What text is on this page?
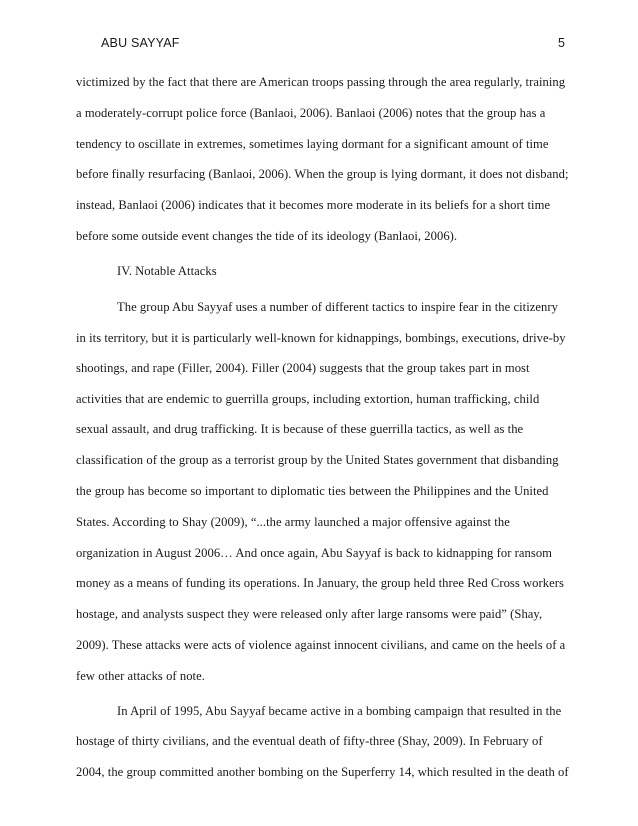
ABU SAYYAF	5
victimized by the fact that there are American troops passing through the area regularly, training
a moderately-corrupt police force (Banlaoi, 2006). Banlaoi (2006) notes that the group has a
tendency to oscillate in extremes, sometimes laying dormant for a significant amount of time
before finally resurfacing (Banlaoi, 2006). When the group is lying dormant, it does not disband;
instead, Banlaoi (2006) indicates that it becomes more moderate in its beliefs for a short time
before some outside event changes the tide of its ideology (Banlaoi, 2006).
IV. Notable Attacks
The group Abu Sayyaf uses a number of different tactics to inspire fear in the citizenry
in its territory, but it is particularly well-known for kidnappings, bombings, executions, drive-by
shootings, and rape (Filler, 2004). Filler (2004) suggests that the group takes part in most
activities that are endemic to guerrilla groups, including extortion, human trafficking, child
sexual assault, and drug trafficking. It is because of these guerrilla tactics, as well as the
classification of the group as a terrorist group by the United States government that disbanding
the group has become so important to diplomatic ties between the Philippines and the United
States. According to Shay (2009), “...the army launched a major offensive against the
organization in August 2006… And once again, Abu Sayyaf is back to kidnapping for ransom
money as a means of funding its operations. In January, the group held three Red Cross workers
hostage, and analysts suspect they were released only after large ransoms were paid” (Shay,
2009). These attacks were acts of violence against innocent civilians, and came on the heels of a
few other attacks of note.
In April of 1995, Abu Sayyaf became active in a bombing campaign that resulted in the
hostage of thirty civilians, and the eventual death of fifty-three (Shay, 2009). In February of
2004, the group committed another bombing on the Superferry 14, which resulted in the death of
